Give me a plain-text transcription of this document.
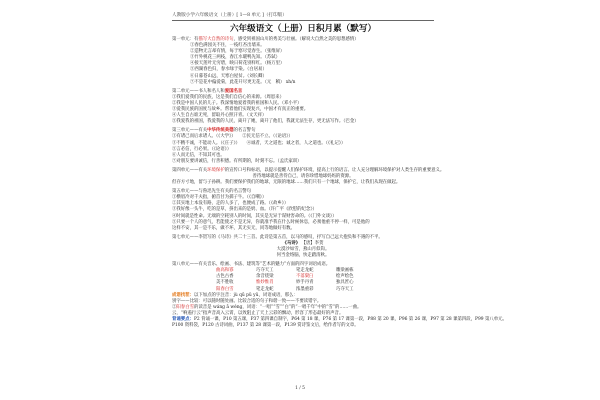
人教版小学六年级语文（上册）[ 1—8 单元 ]（打印版）
六年级语文（上册）日积月累（默写）
第一单元：有描写大自然的诗句，感受到祖国山川的秀美与壮丽。（解说大自然之美的思想感情）
①春色满园关不住，一枝红杏出墙来。
②造物无言却有情，每于寒尽觉春生。（张维屏）
③竹外桃花三两枝，春江水暖鸭先知。（苏轼）
④接天莲叶无穷碧，映日荷花别样红。（杨万里）
⑤西湖春色归，春水绿于染。（白居易）
⑥日暮苍山远，天寒白屋贫。（刘长卿）
⑦不是花中偏爱菊，此花开尽更无花。（元　稹） xh/n
第二单元——书人和名人和爱国名言
①我们爱我们的民族，这是我们自信心的来源。（周恩来）
②我是中国人民的儿子。我深情地爱着我的祖国和人民。（邓小平）
③爱我民族的国度与故乡。帮着他们实现复兴，中国才有真正的重要。
④人生自古谁无死，留取丹心照汗青。（文天祥）
⑤我爱我的祖国，我爱我的人民，离开了她，离开了他们，我就无法生存，更无法写作。（巴金）
第三单元——有关中华传统美德的名言警句
①有诸己而后求诸人。（《大学》）　　②民无信不立。（《论语》）
③不精不诚，不能动人。（《庄子》）　　④诚者，天之道也；诚之者，人之道也。（《礼记》）
⑤言必信，行必果。（《论语》）
⑥人而无信，不知其可也。
⑦对朋友要讲诚信，行善积德。有所期的，时刻不忘。（孟氏家训）
第四单元——有关环境保护的宣传口号和标语，以提示提醒人们保护环境，提高上行的语言。让人充分理解环境保护对人类生存的重要意义。
善待地球就是善待自己，请你珍惜地球妈妈的资源。
但存方寸地，留与子孙耕。我们要保护我们的地球，无限的地球……我们只有一个地球，保护它，让我们从现在做起。
第五单元——与鲁迅先生有关的名言警句
①横眉冷对千夫指，俯首甘为孺子牛。（《自嘲》）
②其实地上本没有路，走的人多了，也便成了路。（《故乡》）
③我好像一头牛，吃的是草，挤出来的是奶、血。（许广平《欣慰的纪念》）
④时间就是性命。无端的空耗别人的时间，其实是无异于谋财害命的。（《门外文谈》）
⑤只要一个人的意气，若能使之不是无异，你就准予我在什么时候休息，必须他重不停一样，可是他的
这样不安，其一是不乐，做不坏，其无实无，同等地做好有数。
第七单元——李贺写的《马诗》共二十三首。此诗是第五首，以马的感叹，抒写自己远大抱负和不遇的不平。
《马诗》 【唐】李贺
大漠沙如雪，燕山月似钩。
何当金络脑，快走踏清秋。
第八单元——有关音乐、绘画、书法、建筑等“艺术的魅力”方面的四字词语成语。
曲高和寡	巧夺天工	笔走龙蛇	雕梁画栋
古色古香	余音绕梁	不落窠臼	绘声绘色
美不胜收	惟妙惟肖	妙手丹青	独具匠心
阳春白雪	笔走龙蛇	浓墨重彩	巧夺天工
成语找茬：以下加点的字注音：jù qū pǔ yǔ，词语成语，那么：
别字——比较：可以随时随处画。比较合适的句子和谐一致——不要读错字。
②阳春白雪的读音是 wáng ā wéng，词语：“一唱”“雪”“白”的“一唱千年”中的“雪”的……一曲。
云，“响遏行云”指声音高入云霄，以致阻止了天上云彩的飘动，形容了形态最好的声音。
背诵要点：P2 背诵一课，P10 第五课，P37 第四课自制字，P64 第 18 课，P76 第 17 课第一段，P88 第 20 课，P96 第 26 课，P97 第 28 课第四段，P99 第八单元。
P100 资料袋，P120 古诗词曲，P137 第 28 课第一段，P139 赏诗鉴文后，给作者写的文章。
1 / 5
